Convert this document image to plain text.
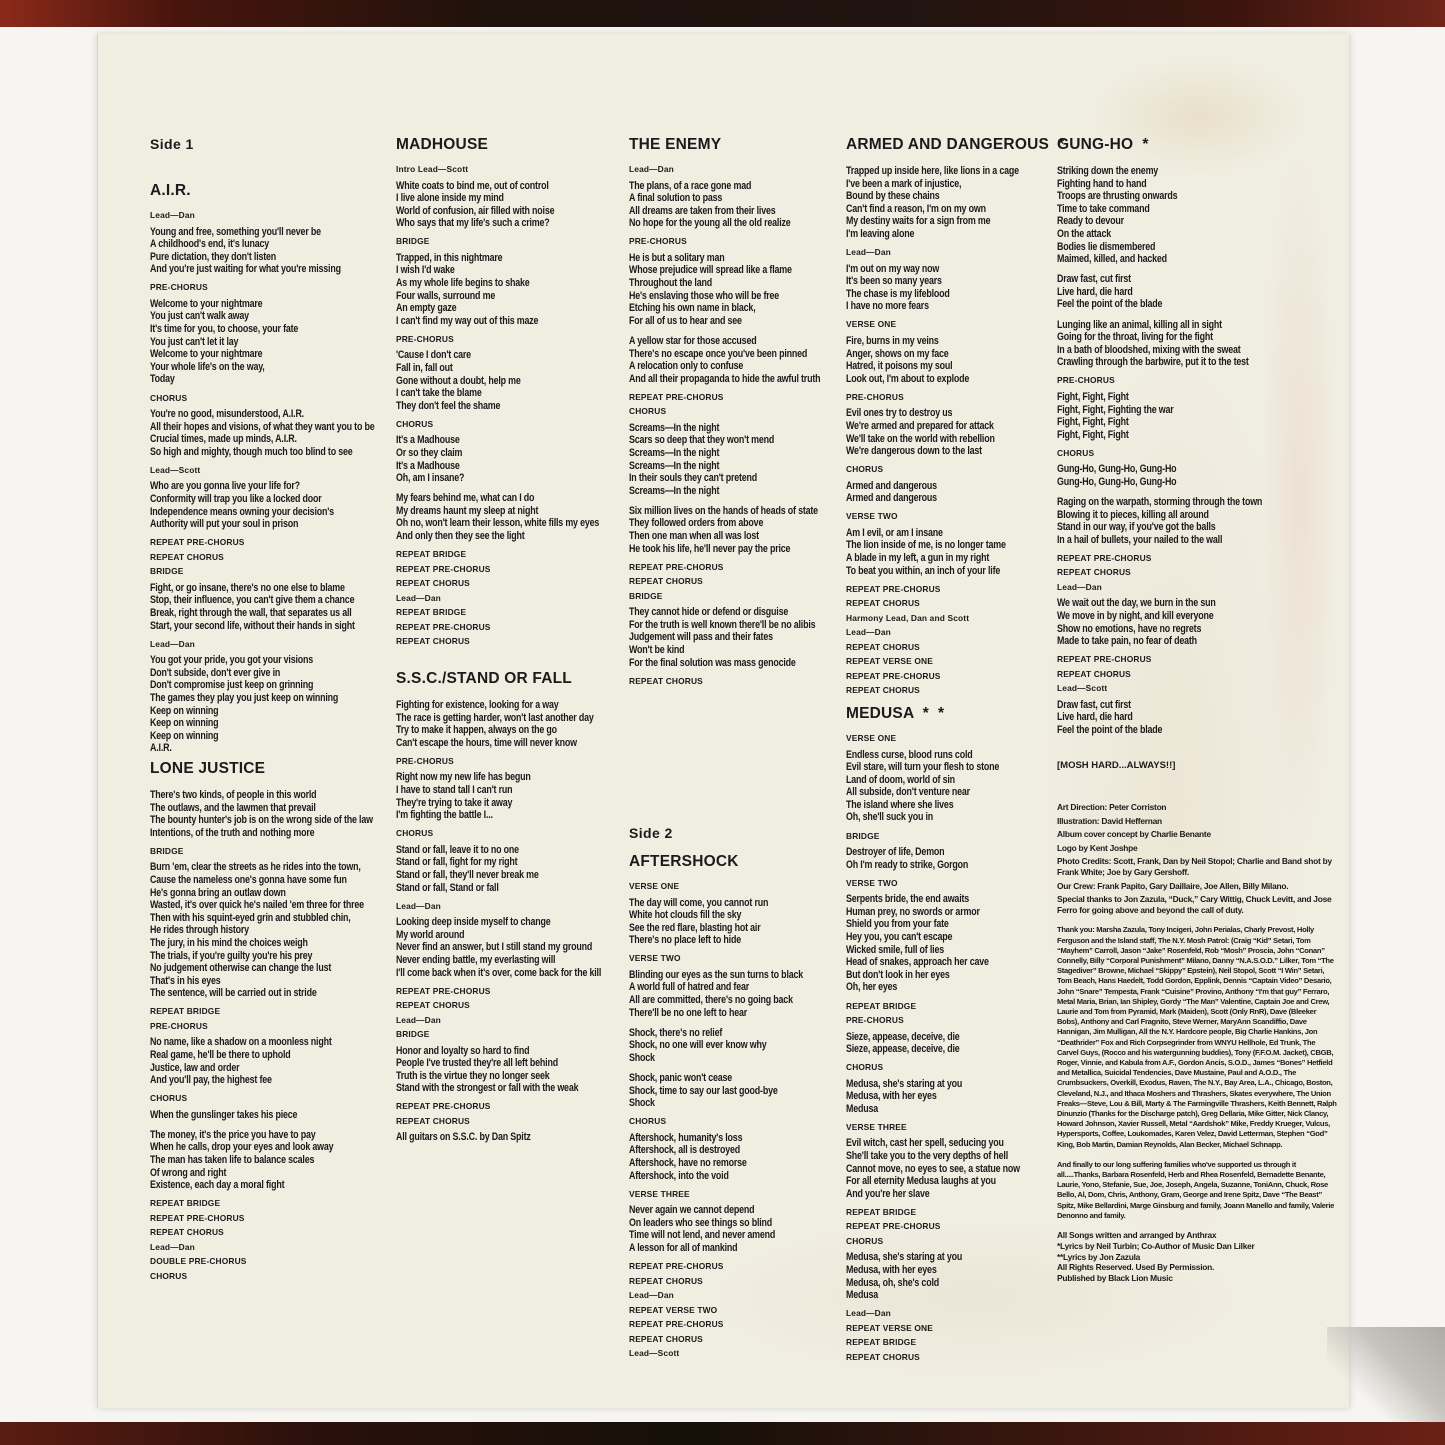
Side 1
A.I.R.
Lead—Dan
Young and free, something you'll never be
A childhood's end, it's lunacy
Pure dictation, they don't listen
And you're just waiting for what you're missing
PRE-CHORUS
Welcome to your nightmare
You just can't walk away
It's time for you, to choose, your fate
You just can't let it lay
Welcome to your nightmare
Your whole life's on the way,
Today
CHORUS
You're no good, misunderstood, A.I.R.
All their hopes and visions, of what they want you to be
Crucial times, made up minds, A.I.R.
So high and mighty, though much too blind to see
Lead—Scott
Who are you gonna live your life for?
Conformity will trap you like a locked door
Independence means owning your decision's
Authority will put your soul in prison
REPEAT PRE-CHORUS
REPEAT CHORUS
BRIDGE
Fight, or go insane, there's no one else to blame
Stop, their influence, you can't give them a chance
Break, right through the wall, that separates us all
Start, your second life, without their hands in sight
Lead—Dan
You got your pride, you got your visions
Don't subside, don't ever give in
Don't compromise just keep on grinning
The games they play you just keep on winning
Keep on winning
Keep on winning
Keep on winning
A.I.R.
LONE JUSTICE
There's two kinds, of people in this world
The outlaws, and the lawmen that prevail
The bounty hunter's job is on the wrong side of the law
Intentions, of the truth and nothing more
BRIDGE
Burn 'em, clear the streets as he rides into the town,
Cause the nameless one's gonna have some fun
He's gonna bring an outlaw down
Wasted, it's over quick he's nailed 'em three for three
Then with his squint-eyed grin and stubbled chin,
He rides through history
The jury, in his mind the choices weigh
The trials, if you're guilty you're his prey
No judgement otherwise can change the lust
That's in his eyes
The sentence, will be carried out in stride
REPEAT BRIDGE
PRE-CHORUS
No name, like a shadow on a moonless night
Real game, he'll be there to uphold
Justice, law and order
And you'll pay, the highest fee
CHORUS
When the gunslinger takes his piece
The money, it's the price you have to pay
When he calls, drop your eyes and look away
The man has taken life to balance scales
Of wrong and right
Existence, each day a moral fight
REPEAT BRIDGE
REPEAT PRE-CHORUS
REPEAT CHORUS
Lead—Dan
DOUBLE PRE-CHORUS
CHORUS
MADHOUSE
Intro Lead—Scott
White coats to bind me, out of control
I live alone inside my mind
World of confusion, air filled with noise
Who says that my life's such a crime?
BRIDGE
Trapped, in this nightmare
I wish I'd wake
As my whole life begins to shake
Four walls, surround me
An empty gaze
I can't find my way out of this maze
PRE-CHORUS
'Cause I don't care
Fall in, fall out
Gone without a doubt, help me
I can't take the blame
They don't feel the shame
CHORUS
It's a Madhouse
Or so they claim
It's a Madhouse
Oh, am I insane?
My fears behind me, what can I do
My dreams haunt my sleep at night
Oh no, won't learn their lesson, white fills my eyes
And only then they see the light
REPEAT BRIDGE
REPEAT PRE-CHORUS
REPEAT CHORUS
Lead—Dan
REPEAT BRIDGE
REPEAT PRE-CHORUS
REPEAT CHORUS
S.S.C./STAND OR FALL
Fighting for existence, looking for a way
The race is getting harder, won't last another day
Try to make it happen, always on the go
Can't escape the hours, time will never know
PRE-CHORUS
Right now my new life has begun
I have to stand tall I can't run
They're trying to take it away
I'm fighting the battle I...
CHORUS
Stand or fall, leave it to no one
Stand or fall, fight for my right
Stand or fall, they'll never break me
Stand or fall, Stand or fall
Lead—Dan
Looking deep inside myself to change
My world around
Never find an answer, but I still stand my ground
Never ending battle, my everlasting will
I'll come back when it's over, come back for the kill
REPEAT PRE-CHORUS
REPEAT CHORUS
Lead—Dan
BRIDGE
Honor and loyalty so hard to find
People I've trusted they're all left behind
Truth is the virtue they no longer seek
Stand with the strongest or fall with the weak
REPEAT PRE-CHORUS
REPEAT CHORUS
All guitars on S.S.C. by Dan Spitz
THE ENEMY
Lead—Dan
The plans, of a race gone mad
A final solution to pass
All dreams are taken from their lives
No hope for the young all the old realize
PRE-CHORUS
He is but a solitary man
Whose prejudice will spread like a flame
Throughout the land
He's enslaving those who will be free
Etching his own name in black,
For all of us to hear and see
A yellow star for those accused
There's no escape once you've been pinned
A relocation only to confuse
And all their propaganda to hide the awful truth
REPEAT PRE-CHORUS
CHORUS
Screams—In the night
Scars so deep that they won't mend
Screams—In the night
Screams—In the night
In their souls they can't pretend
Screams—In the night
Six million lives on the hands of heads of state
They followed orders from above
Then one man when all was lost
He took his life, he'll never pay the price
REPEAT PRE-CHORUS
REPEAT CHORUS
BRIDGE
They cannot hide or defend or disguise
For the truth is well known there'll be no alibis
Judgement will pass and their fates
Won't be kind
For the final solution was mass genocide
REPEAT CHORUS
Side 2
AFTERSHOCK
VERSE ONE
The day will come, you cannot run
White hot clouds fill the sky
See the red flare, blasting hot air
There's no place left to hide
VERSE TWO
Blinding our eyes as the sun turns to black
A world full of hatred and fear
All are committed, there's no going back
There'll be no one left to hear
Shock, there's no relief
Shock, no one will ever know why
Shock
Shock, panic won't cease
Shock, time to say our last good-bye
Shock
CHORUS
Aftershock, humanity's loss
Aftershock, all is destroyed
Aftershock, have no remorse
Aftershock, into the void
VERSE THREE
Never again we cannot depend
On leaders who see things so blind
Time will not lend, and never amend
A lesson for all of mankind
REPEAT PRE-CHORUS
REPEAT CHORUS
Lead—Dan
REPEAT VERSE TWO
REPEAT PRE-CHORUS
REPEAT CHORUS
Lead—Scott
ARMED AND DANGEROUS  *
Trapped up inside here, like lions in a cage
I've been a mark of injustice,
Bound by these chains
Can't find a reason, I'm on my own
My destiny waits for a sign from me
I'm leaving alone
Lead—Dan
I'm out on my way now
It's been so many years
The chase is my lifeblood
I have no more fears
VERSE ONE
Fire, burns in my veins
Anger, shows on my face
Hatred, it poisons my soul
Look out, I'm about to explode
PRE-CHORUS
Evil ones try to destroy us
We're armed and prepared for attack
We'll take on the world with rebellion
We're dangerous down to the last
CHORUS
Armed and dangerous
Armed and dangerous
VERSE TWO
Am I evil, or am I insane
The lion inside of me, is no longer tame
A blade in my left, a gun in my right
To beat you within, an inch of your life
REPEAT PRE-CHORUS
REPEAT CHORUS
Harmony Lead, Dan and Scott
Lead—Dan
REPEAT CHORUS
REPEAT VERSE ONE
REPEAT PRE-CHORUS
REPEAT CHORUS
MEDUSA  *  *
VERSE ONE
Endless curse, blood runs cold
Evil stare, will turn your flesh to stone
Land of doom, world of sin
All subside, don't venture near
The island where she lives
Oh, she'll suck you in
BRIDGE
Destroyer of life, Demon
Oh I'm ready to strike, Gorgon
VERSE TWO
Serpents bride, the end awaits
Human prey, no swords or armor
Shield you from your fate
Hey you, you can't escape
Wicked smile, full of lies
Head of snakes, approach her cave
But don't look in her eyes
Oh, her eyes
REPEAT BRIDGE
PRE-CHORUS
Sieze, appease, deceive, die
Sieze, appease, deceive, die
CHORUS
Medusa, she's staring at you
Medusa, with her eyes
Medusa
VERSE THREE
Evil witch, cast her spell, seducing you
She'll take you to the very depths of hell
Cannot move, no eyes to see, a statue now
For all eternity Medusa laughs at you
And you're her slave
REPEAT BRIDGE
REPEAT PRE-CHORUS
CHORUS
Medusa, she's staring at you
Medusa, with her eyes
Medusa, oh, she's cold
Medusa
Lead—Dan
REPEAT VERSE ONE
REPEAT BRIDGE
REPEAT CHORUS
GUNG-HO  *
Striking down the enemy
Fighting hand to hand
Troops are thrusting onwards
Time to take command
Ready to devour
On the attack
Bodies lie dismembered
Maimed, killed, and hacked
Draw fast, cut first
Live hard, die hard
Feel the point of the blade
Lunging like an animal, killing all in sight
Going for the throat, living for the fight
In a bath of bloodshed, mixing with the sweat
Crawling through the barbwire, put it to the test
PRE-CHORUS
Fight, Fight, Fight
Fight, Fight, Fighting the war
Fight, Fight, Fight
Fight, Fight, Fight
CHORUS
Gung-Ho, Gung-Ho, Gung-Ho
Gung-Ho, Gung-Ho, Gung-Ho
Raging on the warpath, storming through the town
Blowing it to pieces, killing all around
Stand in our way, if you've got the balls
In a hail of bullets, your nailed to the wall
REPEAT PRE-CHORUS
REPEAT CHORUS
Lead—Dan
We wait out the day, we burn in the sun
We move in by night, and kill everyone
Show no emotions, have no regrets
Made to take pain, no fear of death
REPEAT PRE-CHORUS
REPEAT CHORUS
Lead—Scott
Draw fast, cut first
Live hard, die hard
Feel the point of the blade
[MOSH HARD...ALWAYS!!]
Art Direction: Peter Corriston
Illustration: David Heffernan
Album cover concept by Charlie Benante
Logo by Kent Joshpe
Photo Credits: Scott, Frank, Dan by Neil Stopol; Charlie and Band shot by Frank White; Joe by Gary Gershoff.
Our Crew: Frank Papito, Gary Daillaire, Joe Allen, Billy Milano.
Special thanks to Jon Zazula, “Duck,” Cary Wittig, Chuck Levitt, and Jose Ferro for going above and beyond the call of duty.
Thank you: Marsha Zazula, Tony Incigeri, John Perialas, Charly Prevost, Holly Ferguson and the Island staff, The N.Y. Mosh Patrol: (Craig “Kid” Setari, Tom “Mayhem” Carroll, Jason “Jake” Rosenfeld, Rob “Mosh” Proscia, John “Conan” Connelly, Billy “Corporal Punishment” Milano, Danny “N.A.S.O.D.” Lilker, Tom “The Stagediver” Browne, Michael “Skippy” Epstein), Neil Stopol, Scott “I Win” Setari, Tom Beach, Hans Haedelt, Todd Gordon, Epplink, Dennis “Captain Video” Desario, John “Snare” Tempesta, Frank “Cuisine” Provino, Anthony “I'm that guy” Ferraro, Metal Maria, Brian, Ian Shipley, Gordy “The Man” Valentine, Captain Joe and Crew, Laurie and Tom from Pyramid, Mark (Maiden), Scott (Only RnR), Dave (Bleeker Bobs), Anthony and Carl Fragnito, Steve Werner, MaryAnn Scandiffio, Dave Hannigan, Jim Mulligan, All the N.Y. Hardcore people, Big Charlie Hankins, Jon “Deathrider” Fox and Rich Corpsegrinder from WNYU Hellhole, Ed Trunk, The Carvel Guys, (Rocco and his watergunning buddies), Tony (F.F.O.M. Jacket), CBGB, Roger, Vinnie, and Kabula from A.F., Gordon Ancis, S.O.D., James “Bones” Hetfield and Metallica, Suicidal Tendencies, Dave Mustaine, Paul and A.O.D., The Crumbsuckers, Overkill, Exodus, Raven, The N.Y., Bay Area, L.A., Chicago, Boston, Cleveland, N.J., and Ithaca Moshers and Thrashers, Skates everywhere, The Union Freaks—Steve, Lou & Bill, Marty & The Farmingville Thrashers, Keith Bennett, Ralph Dinunzio (Thanks for the Discharge patch), Greg Dellaria, Mike Gitter, Nick Clancy, Howard Johnson, Xavier Russell, Metal “Aardshok” Mike, Freddy Krueger, Vulcus, Hypersports, Coffee, Loukomades, Karen Velez, David Letterman, Stephen “God” King, Bob Martin, Damian Reynolds, Alan Becker, Michael Schnapp.
And finally to our long suffering families who've supported us through it all.....Thanks, Barbara Rosenfeld, Herb and Rhea Rosenfeld, Bernadette Benante, Laurie, Yono, Stefanie, Sue, Joe, Joseph, Angela, Suzanne, ToniAnn, Chuck, Rose Bello, Al, Dom, Chris, Anthony, Gram, George and Irene Spitz, Dave “The Beast” Spitz, Mike Bellardini, Marge Ginsburg and family, Joann Manello and family, Valerie Denonno and family.
All Songs written and arranged by Anthrax
*Lyrics by Neil Turbin; Co-Author of Music Dan Lilker
**Lyrics by Jon Zazula
All Rights Reserved. Used By Permission.
Published by Black Lion Music
